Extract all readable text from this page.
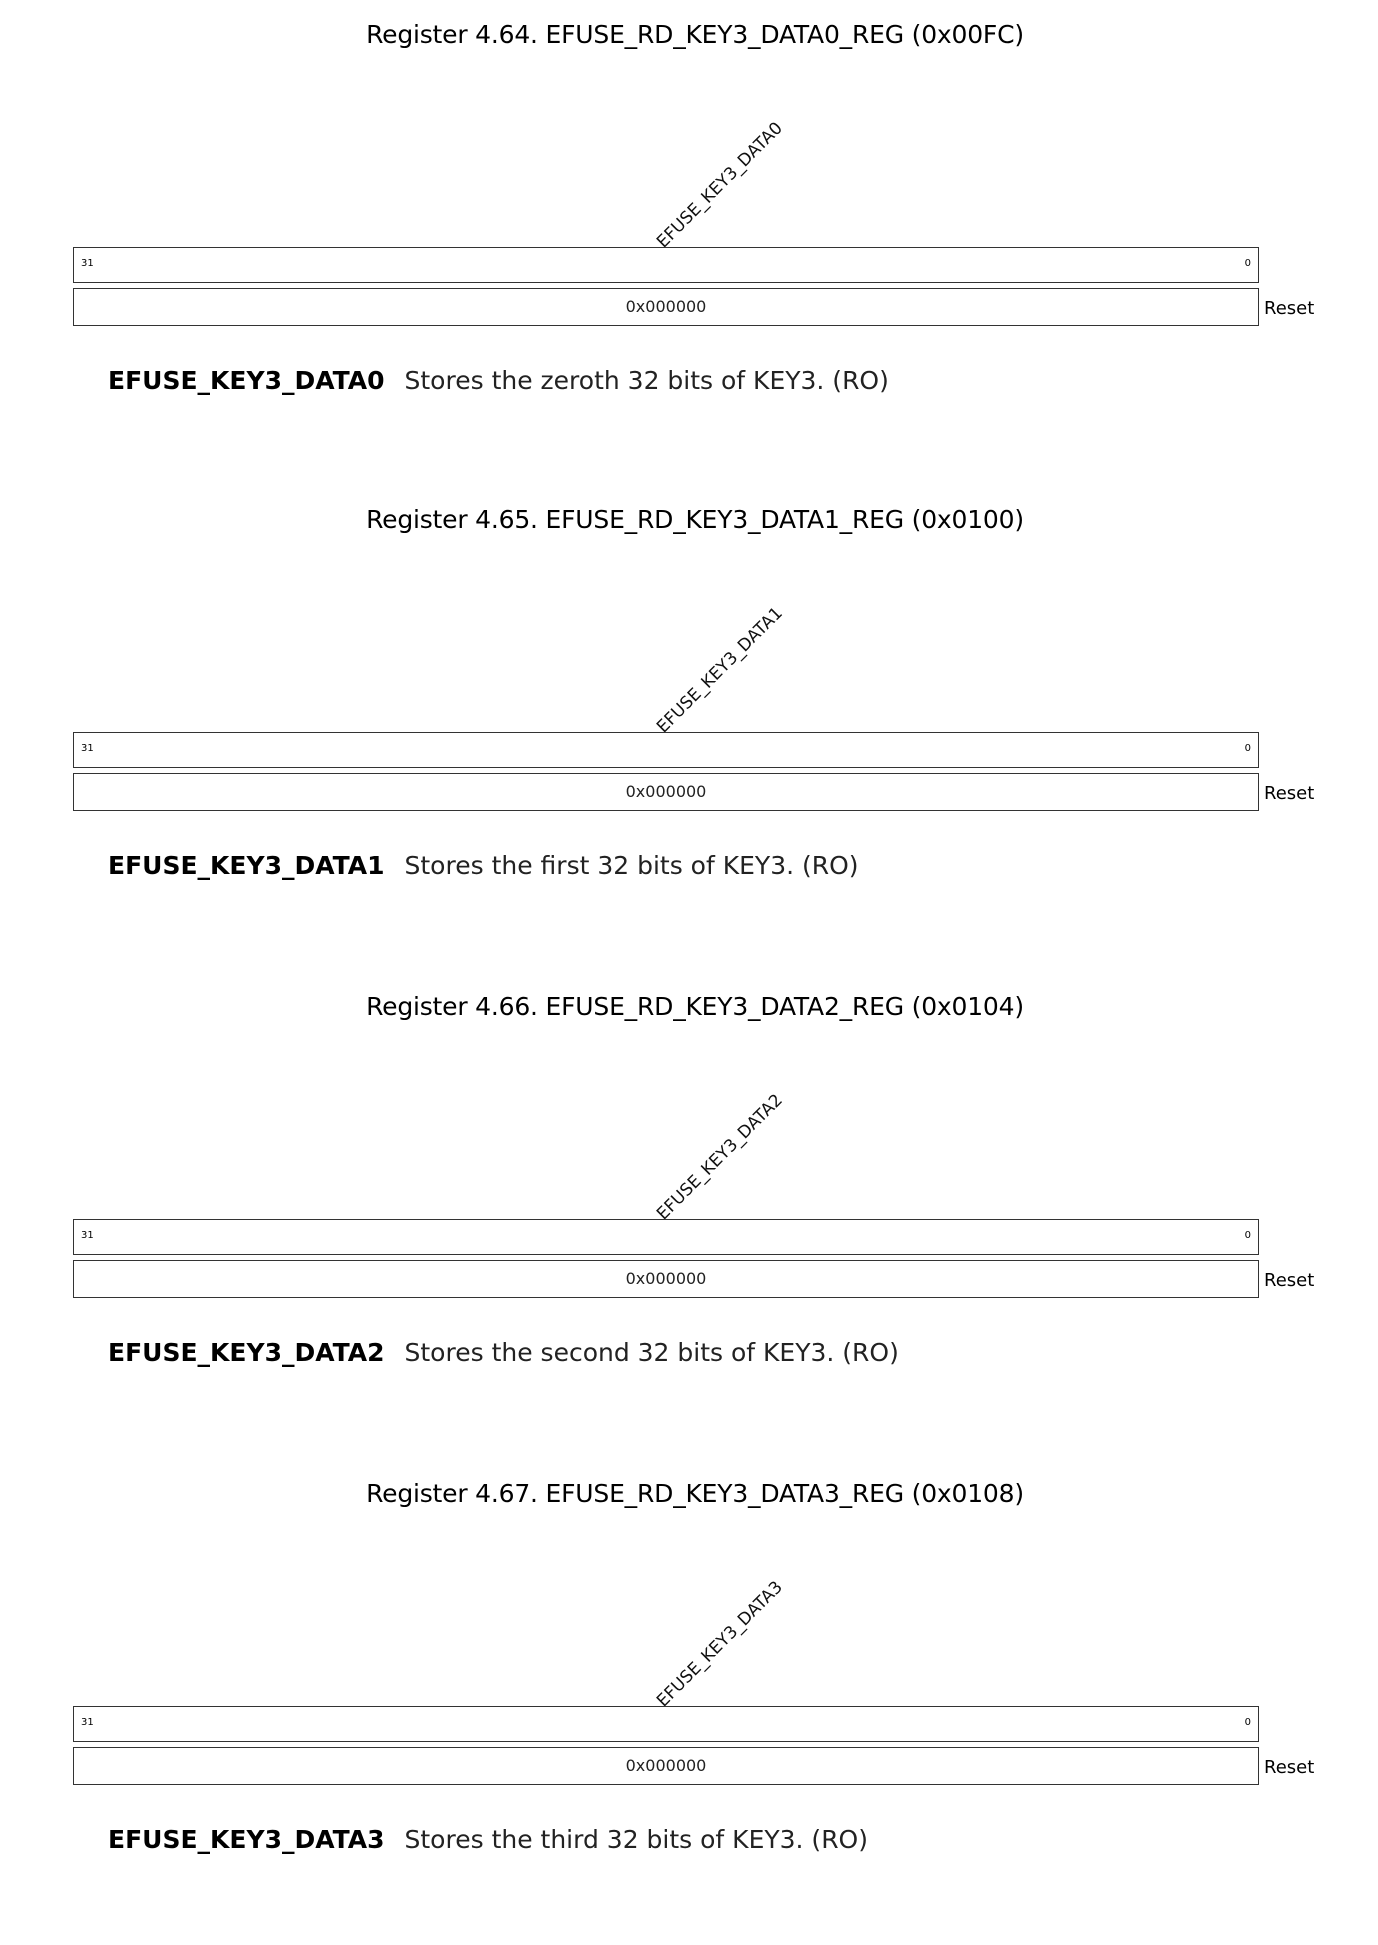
Register 4.64. EFUSE_RD_KEY3_DATA0_REG (0x00FC)
EFUSE_KEY3_DATA0
31	0
0x000000	Reset
EFUSE_KEY3_DATA0 Stores the zeroth 32 bits of KEY3. (RO)
Register 4.65. EFUSE_RD_KEY3_DATA1_REG (0x0100)
EFUSE_KEY3_DATA1
31	0
0x000000	Reset
EFUSE_KEY3_DATA1 Stores the first 32 bits of KEY3. (RO)
Register 4.66. EFUSE_RD_KEY3_DATA2_REG (0x0104)
EFUSE_KEY3_DATA2
31	0
0x000000	Reset
EFUSE_KEY3_DATA2 Stores the second 32 bits of KEY3. (RO)
Register 4.67. EFUSE_RD_KEY3_DATA3_REG (0x0108)
EFUSE_KEY3_DATA3
31	0
0x000000	Reset
EFUSE_KEY3_DATA3 Stores the third 32 bits of KEY3. (RO)
